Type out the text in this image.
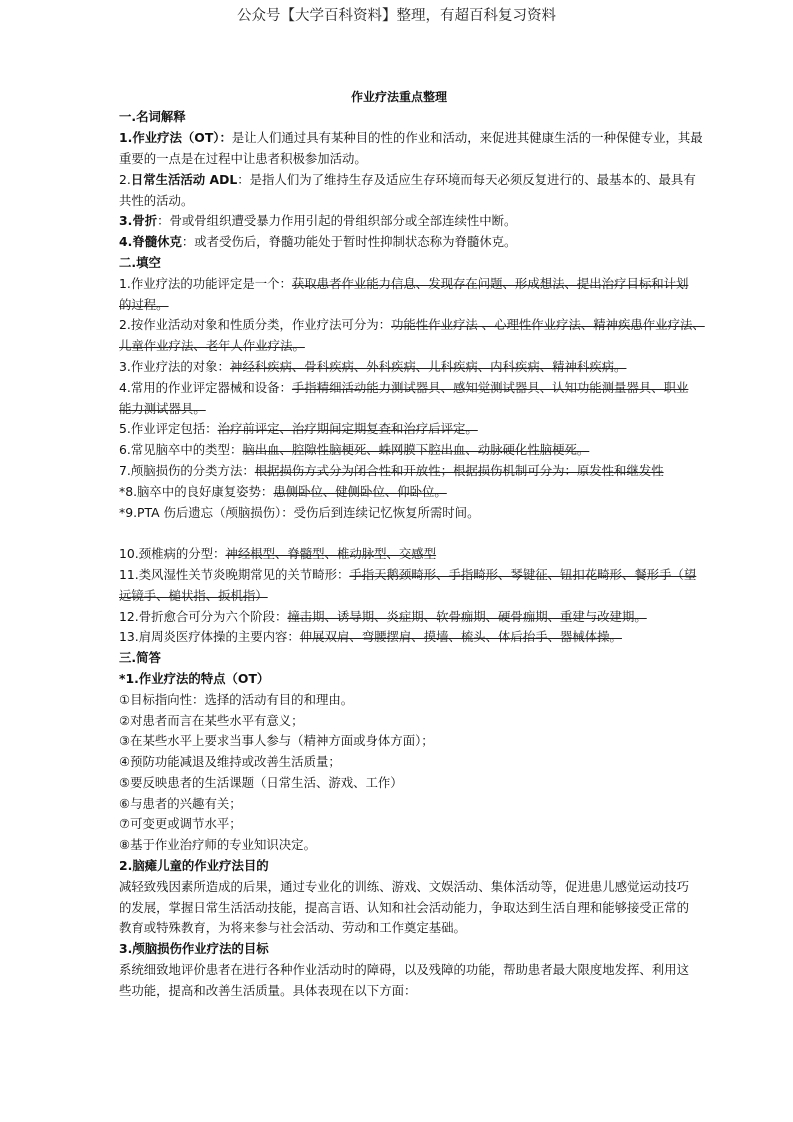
公众号【大学百科资料】整理，有超百科复习资料
作业疗法重点整理
一.名词解释
1.作业疗法（OT）：是让人们通过具有某种目的性的作业和活动，来促进其健康生活的一种保健专业，其最
重要的一点是在过程中让患者积极参加活动。
2.日常生活活动 ADL：是指人们为了维持生存及适应生存环境而每天必须反复进行的、最基本的、最具有
共性的活动。
3.骨折：骨或骨组织遭受暴力作用引起的骨组织部分或全部连续性中断。
4.脊髓休克：或者受伤后，脊髓功能处于暂时性抑制状态称为脊髓休克。
二.填空
1.作业疗法的功能评定是一个：获取患者作业能力信息、发现存在问题、形成想法、提出治疗目标和计划
的过程。
2.按作业活动对象和性质分类，作业疗法可分为：功能性作业疗法 、心理性作业疗法、精神疾患作业疗法、
儿童作业疗法、老年人作业疗法。
3.作业疗法的对象：神经科疾病、骨科疾病、外科疾病、儿科疾病、内科疾病、精神科疾病。
4.常用的作业评定器械和设备：手指精细活动能力测试器具、感知觉测试器具、认知功能测量器具、职业
能力测试器具。
5.作业评定包括：治疗前评定、治疗期间定期复查和治疗后评定。
6.常见脑卒中的类型：脑出血、腔隙性脑梗死、蛛网膜下腔出血、动脉硬化性脑梗死。
7.颅脑损伤的分类方法：根据损伤方式分为闭合性和开放性；根据损伤机制可分为：原发性和继发性
*8.脑卒中的良好康复姿势：患侧卧位、健侧卧位、仰卧位。
*9.PTA 伤后遗忘（颅脑损伤）：受伤后到连续记忆恢复所需时间。
10.颈椎病的分型：神经根型、脊髓型、椎动脉型、交感型
11.类风湿性关节炎晚期常见的关节畸形：手指天鹅颈畸形、手指畸形、琴键征、钮扣花畸形、餐形手（望
远镜手、槌状指、扳机指）
12.骨折愈合可分为六个阶段：撞击期、诱导期、炎症期、软骨痂期、硬骨痂期、重建与改建期。
13.肩周炎医疗体操的主要内容：伸展双肩、弯腰摆肩、摸墙、梳头、体后抬手、器械体操。
三.简答
*1.作业疗法的特点（OT）
①目标指向性：选择的活动有目的和理由。
②对患者而言在某些水平有意义；
③在某些水平上要求当事人参与（精神方面或身体方面）；
④预防功能减退及维持或改善生活质量；
⑤要反映患者的生活课题（日常生活、游戏、工作）
⑥与患者的兴趣有关；
⑦可变更或调节水平；
⑧基于作业治疗师的专业知识决定。
2.脑瘫儿童的作业疗法目的
减轻致残因素所造成的后果，通过专业化的训练、游戏、文娱活动、集体活动等，促进患儿感觉运动技巧
的发展，掌握日常生活活动技能，提高言语、认知和社会活动能力，争取达到生活自理和能够接受正常的
教育或特殊教育，为将来参与社会活动、劳动和工作奠定基础。
3.颅脑损伤作业疗法的目标
系统细致地评价患者在进行各种作业活动时的障碍，以及残障的功能，帮助患者最大限度地发挥、利用这
些功能，提高和改善生活质量。具体表现在以下方面：
